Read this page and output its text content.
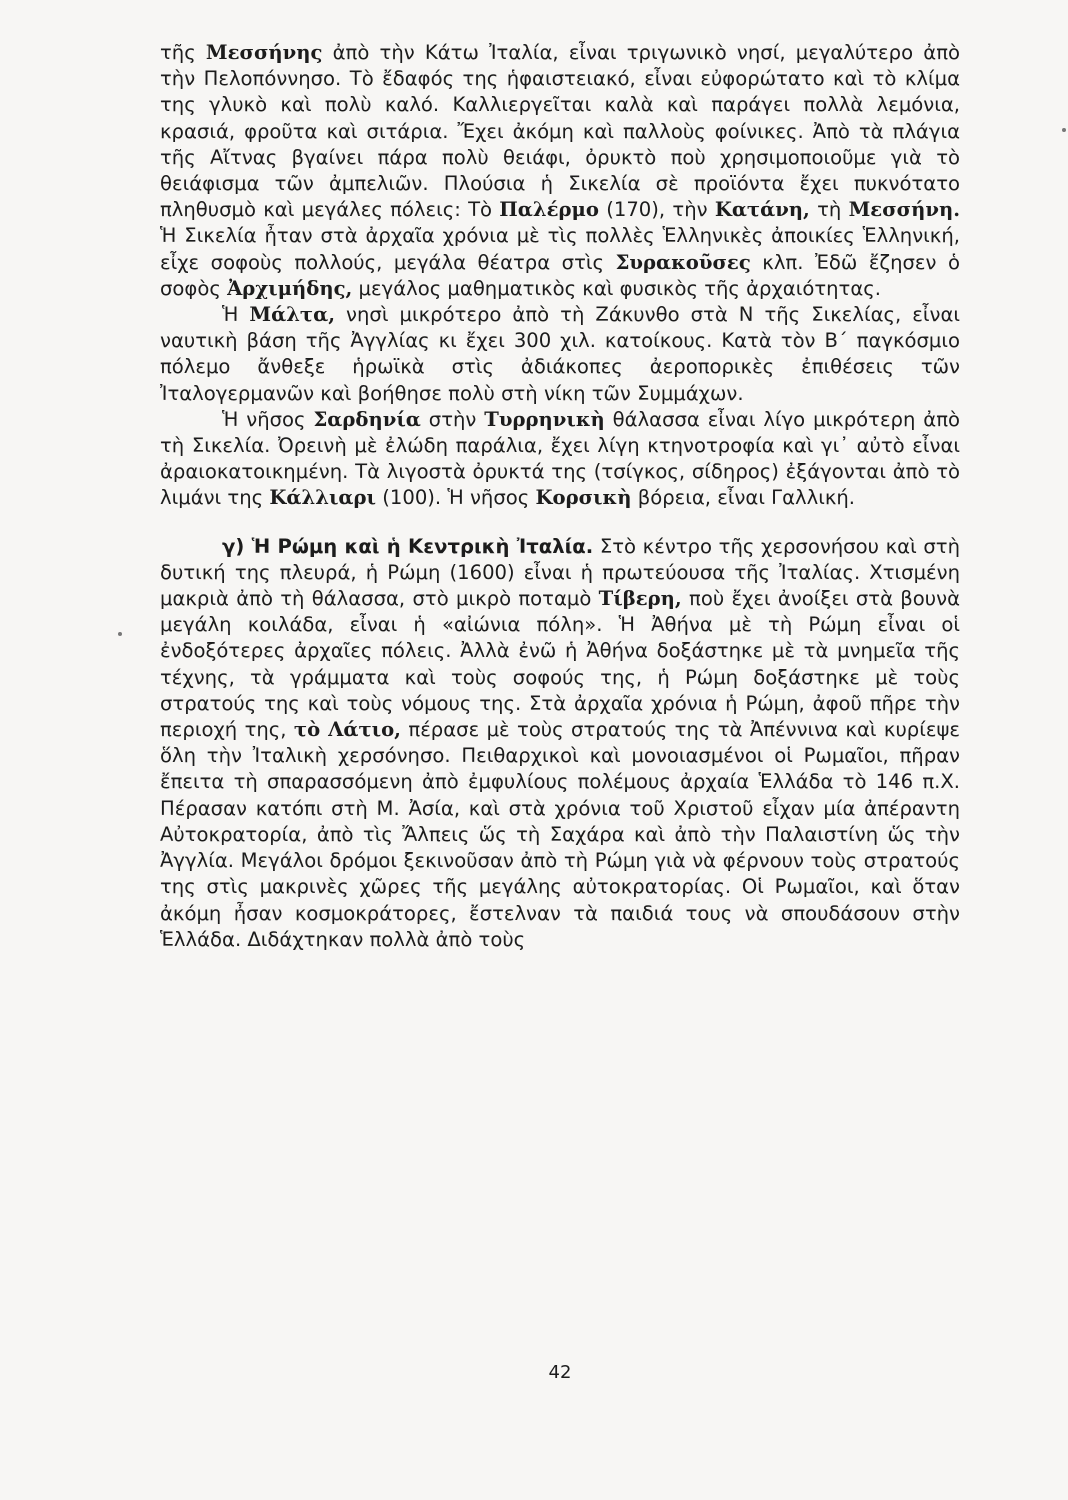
τῆς Μεσσήνης ἀπὸ τὴν Κάτω Ἰταλία, εἶναι τριγωνικὸ νησί, μεγαλύτερο ἀπὸ τὴν Πελοπόννησο. Τὸ ἔδαφός της ἡφαιστειακό, εἶναι εὐφορώτατο καὶ τὸ κλίμα της γλυκὸ καὶ πολὺ καλό. Καλλιεργεῖται καλὰ καὶ παράγει πολλὰ λεμόνια, κρασιά, φροῦτα καὶ σιτάρια. Ἔχει ἀκόμη καὶ παλλοὺς φοίνικες. Ἀπὸ τὰ πλάγια τῆς Αἴτνας βγαίνει πάρα πολὺ θειάφι, ὀρυκτὸ ποὺ χρησιμοποιοῦμε γιὰ τὸ θειάφισμα τῶν ἀμπελιῶν. Πλούσια ἡ Σικελία σὲ προϊόντα ἔχει πυκνότατο πληθυσμὸ καὶ μεγάλες πόλεις: Τὸ Παλέρμο (170), τὴν Κατάνη, τὴ Μεσσήνη. Ἡ Σικελία ἦταν στὰ ἀρχαῖα χρόνια μὲ τὶς πολλὲς Ἑλληνικὲς ἀποικίες Ἑλληνική, εἶχε σοφοὺς πολλούς, μεγάλα θέατρα στὶς Συρακοῦσες κλπ. Ἐδῶ ἔζησεν ὁ σοφὸς Ἀρχιμήδης, μεγάλος μαθηματικὸς καὶ φυσικὸς τῆς ἀρχαιότητας.

Ἡ Μάλτα, νησὶ μικρότερο ἀπὸ τὴ Ζάκυνθο στὰ Ν τῆς Σικελίας, εἶναι ναυτικὴ βάση τῆς Ἀγγλίας κι ἔχει 300 χιλ. κατοίκους. Κατὰ τὸν Β΄ παγκόσμιο πόλεμο ἄνθεξε ἡρωϊκὰ στὶς ἀδιάκοπες ἀεροπορικὲς ἐπιθέσεις τῶν Ἰταλογερμανῶν καὶ βοήθησε πολὺ στὴ νίκη τῶν Συμμάχων.

Ἡ νῆσος Σαρδηνία στὴν Τυρρηνικὴ θάλασσα εἶναι λίγο μικρότερη ἀπὸ τὴ Σικελία. Ὀρεινὴ μὲ ἐλώδη παράλια, ἔχει λίγη κτηνοτροφία καὶ γι᾽ αὐτὸ εἶναι ἀραιοκατοικημένη. Τὰ λιγοστὰ ὀρυκτά της (τσίγκος, σίδηρος) ἐξάγονται ἀπὸ τὸ λιμάνι της Κάλλιαρι (100). Ἡ νῆσος Κορσικὴ βόρεια, εἶναι Γαλλική.

γ) Ἡ Ρώμη καὶ ἡ Κεντρικὴ Ἰταλία. Στὸ κέντρο τῆς χερσονήσου καὶ στὴ δυτική της πλευρά, ἡ Ρώμη (1600) εἶναι ἡ πρωτεύουσα τῆς Ἰταλίας. Χτισμένη μακριὰ ἀπὸ τὴ θάλασσα, στὸ μικρὸ ποταμὸ Τίβερη, ποὺ ἔχει ἀνοίξει στὰ βουνὰ μεγάλη κοιλάδα, εἶναι ἡ «αἰώνια πόλη». Ἡ Ἀθήνα μὲ τὴ Ρώμη εἶναι οἱ ἐνδοξότερες ἀρχαῖες πόλεις. Ἀλλὰ ἐνῶ ἡ Ἀθήνα δοξάστηκε μὲ τὰ μνημεῖα τῆς τέχνης, τὰ γράμματα καὶ τοὺς σοφούς της, ἡ Ρώμη δοξάστηκε μὲ τοὺς στρατούς της καὶ τοὺς νόμους της. Στὰ ἀρχαῖα χρόνια ἡ Ρώμη, ἀφοῦ πῆρε τὴν περιοχή της, τὸ Λάτιο, πέρασε μὲ τοὺς στρατούς της τὰ Ἀπέννινα καὶ κυρίεψε ὅλη τὴν Ἰταλικὴ χερσόνησο. Πειθαρχικοὶ καὶ μονοιασμένοι οἱ Ρωμαῖοι, πῆραν ἔπειτα τὴ σπαρασσόμενη ἀπὸ ἐμφυλίους πολέμους ἀρχαία Ἑλλάδα τὸ 146 π.Χ. Πέρασαν κατόπι στὴ Μ. Ἀσία, καὶ στὰ χρόνια τοῦ Χριστοῦ εἶχαν μία ἀπέραντη Αὐτοκρατορία, ἀπὸ τὶς Ἄλπεις ὥς τὴ Σαχάρα καὶ ἀπὸ τὴν Παλαιστίνη ὥς τὴν Ἀγγλία. Μεγάλοι δρόμοι ξεκινοῦσαν ἀπὸ τὴ Ρώμη γιὰ νὰ φέρνουν τοὺς στρατούς της στὶς μακρινὲς χῶρες τῆς μεγάλης αὐτοκρατορίας. Οἱ Ρωμαῖοι, καὶ ὅταν ἀκόμη ἦσαν κοσμοκράτορες, ἔστελναν τὰ παιδιά τους νὰ σπουδάσουν στὴν Ἑλλάδα. Διδάχτηκαν πολλὰ ἀπὸ τοὺς

42
